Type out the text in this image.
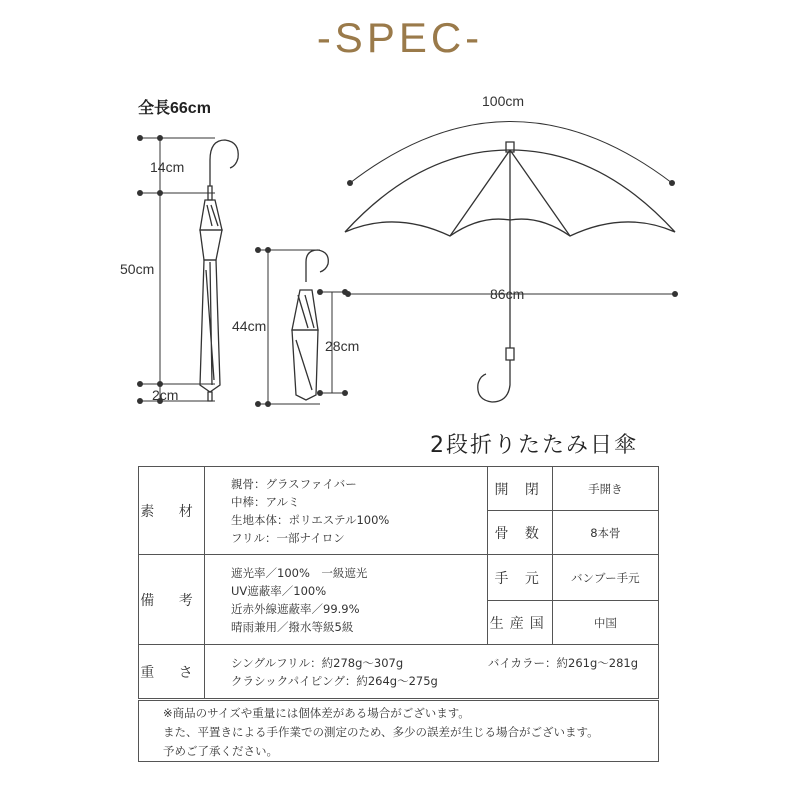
-SPEC-
全長66cm
14cm
50cm
2cm
44cm
28cm
100cm
86cm
2段折りたたみ日傘
素 材	親骨：グラスファイバー
中棒：アルミ
生地本体：ポリエステル100%
フリル：一部ナイロン	開 閉	手開き
		骨 数	8本骨
備 考	遮光率／100%　一級遮光
UV遮蔽率／100%
近赤外線遮蔽率／99.9%
晴雨兼用／撥水等級5級	手 元	バンブー手元
		生産国	中国
重 さ	シングルフリル：約278g〜307g バイカラー：約261g〜281g
クラシックパイピング：約264g〜275g		
※商品のサイズや重量には個体差がある場合がございます。
また、平置きによる手作業での測定のため、多少の誤差が生じる場合がございます。
予めご了承ください。
